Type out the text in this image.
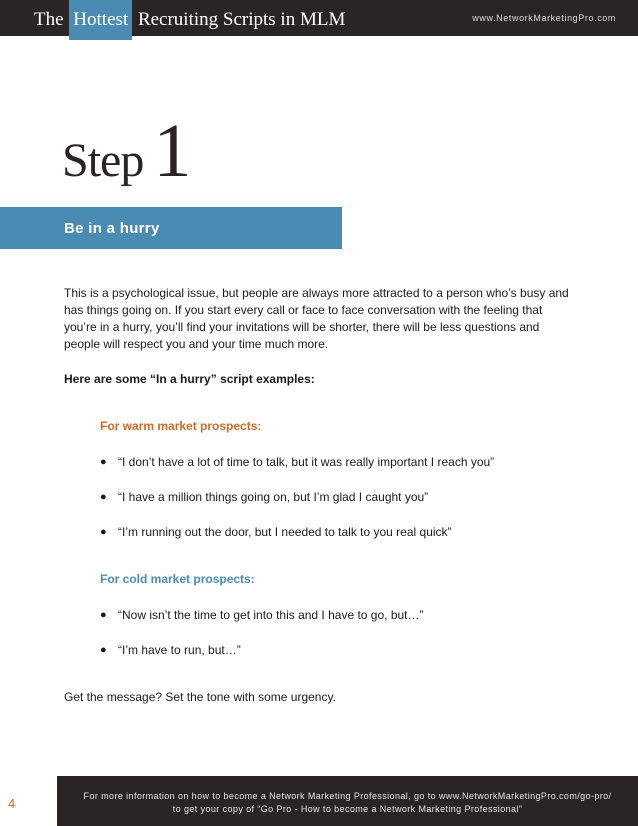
The Hottest Recruiting Scripts in MLM	www.NetworkMarketingPro.com
Step 1
Be in a hurry

This is a psychological issue, but people are always more attracted to a person who’s busy and has things going on. If you start every call or face to face conversation with the feeling that you’re in a hurry, you’ll find your invitations will be shorter, there will be less questions and people will respect you and your time much more.

Here are some “In a hurry” script examples:

For warm market prospects:

● “I don’t have a lot of time to talk, but it was really important I reach you”
● “I have a million things going on, but I’m glad I caught you”
● “I’m running out the door, but I needed to talk to you real quick”

For cold market prospects:

● “Now isn’t the time to get into this and I have to go, but…”
● “I’m have to run, but…”

Get the message? Set the tone with some urgency.

4	For more information on how to become a Network Marketing Professional, go to www.NetworkMarketingPro.com/go-pro/
to get your copy of “Go Pro - How to become a Network Marketing Professional”
